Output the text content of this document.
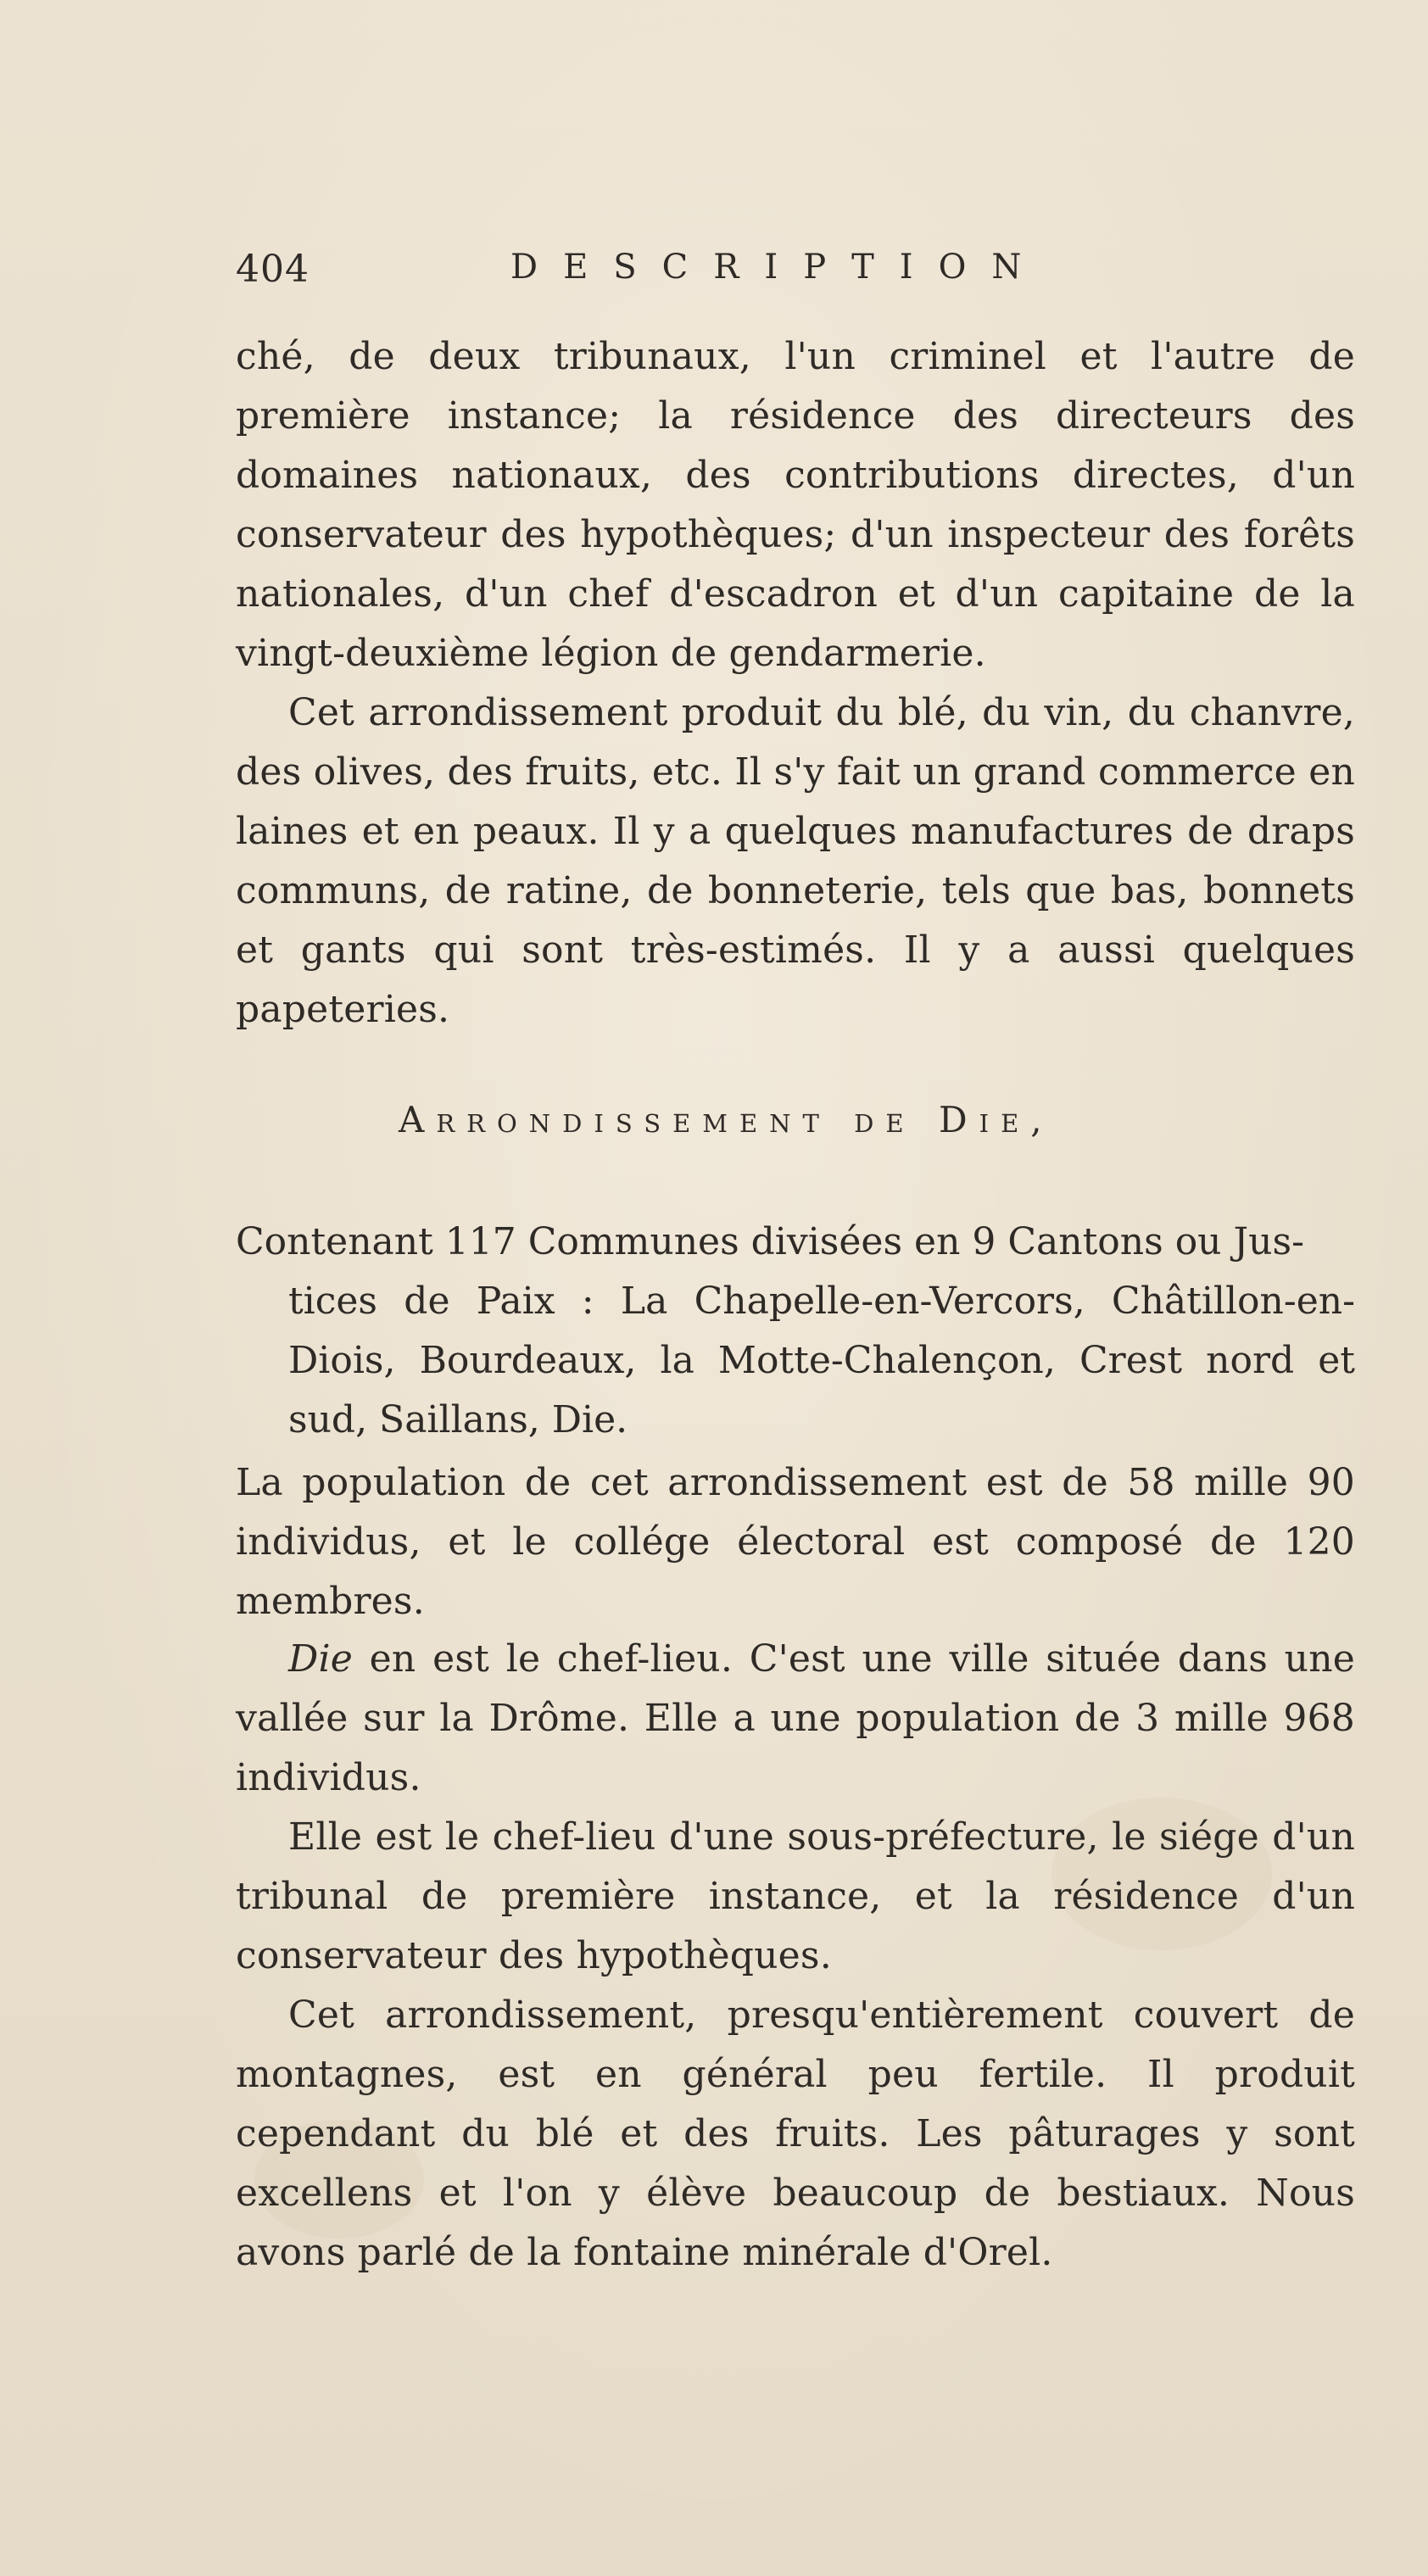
404	DESCRIPTION

ché, de deux tribunaux, l'un criminel et l'autre de première instance; la résidence des directeurs des domaines nationaux, des contributions directes, d'un conservateur des hypothèques; d'un inspecteur des forêts nationales, d'un chef d'escadron et d'un capitaine de la vingt-deuxième légion de gendarmerie.

Cet arrondissement produit du blé, du vin, du chanvre, des olives, des fruits, etc. Il s'y fait un grand commerce en laines et en peaux. Il y a quelques manufactures de draps communs, de ratine, de bonneterie, tels que bas, bonnets et gants qui sont très-estimés. Il y a aussi quelques papeteries.

Arrondissement de Die,

Contenant 117 Communes divisées en 9 Cantons ou Jus-
tices de Paix : La Chapelle-en-Vercors, Châtillon-en-Diois, Bourdeaux, la Motte-Chalençon, Crest nord et sud, Saillans, Die.

La population de cet arrondissement est de 58 mille 90 individus, et le collége électoral est composé de 120 membres.

Die en est le chef-lieu. C'est une ville située dans une vallée sur la Drôme. Elle a une population de 3 mille 968 individus.

Elle est le chef-lieu d'une sous-préfecture, le siége d'un tribunal de première instance, et la résidence d'un conservateur des hypothèques.

Cet arrondissement, presqu'entièrement couvert de montagnes, est en général peu fertile. Il produit cependant du blé et des fruits. Les pâturages y sont excellens et l'on y élève beaucoup de bestiaux. Nous avons parlé de la fontaine minérale d'Orel.
